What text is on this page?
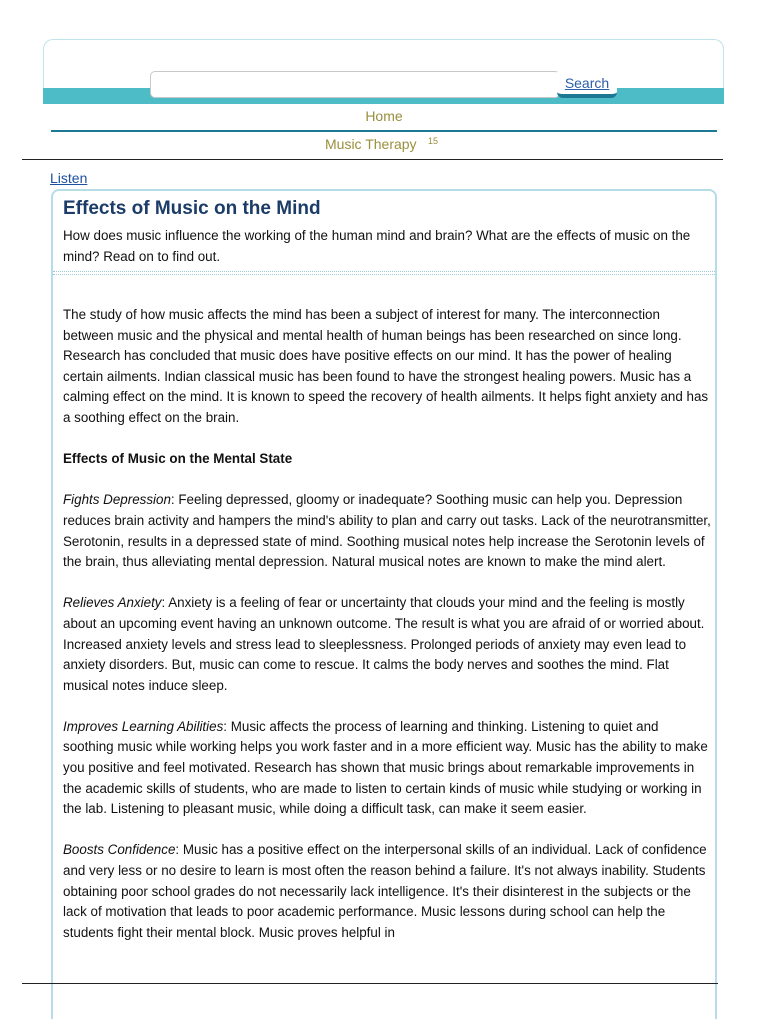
Search
Home
Music Therapy 15
Listen
Effects of Music on the Mind
How does music influence the working of the human mind and brain? What are the effects of music on the mind? Read on to find out.

The study of how music affects the mind has been a subject of interest for many. The interconnection between music and the physical and mental health of human beings has been researched on since long. Research has concluded that music does have positive effects on our mind. It has the power of healing certain ailments. Indian classical music has been found to have the strongest healing powers. Music has a calming effect on the mind. It is known to speed the recovery of health ailments. It helps fight anxiety and has a soothing effect on the brain.

Effects of Music on the Mental State

Fights Depression: Feeling depressed, gloomy or inadequate? Soothing music can help you. Depression reduces brain activity and hampers the mind's ability to plan and carry out tasks. Lack of the neurotransmitter, Serotonin, results in a depressed state of mind. Soothing musical notes help increase the Serotonin levels of the brain, thus alleviating mental depression. Natural musical notes are known to make the mind alert.

Relieves Anxiety: Anxiety is a feeling of fear or uncertainty that clouds your mind and the feeling is mostly about an upcoming event having an unknown outcome. The result is what you are afraid of or worried about. Increased anxiety levels and stress lead to sleeplessness. Prolonged periods of anxiety may even lead to anxiety disorders. But, music can come to rescue. It calms the body nerves and soothes the mind. Flat musical notes induce sleep.

Improves Learning Abilities: Music affects the process of learning and thinking. Listening to quiet and soothing music while working helps you work faster and in a more efficient way. Music has the ability to make you positive and feel motivated. Research has shown that music brings about remarkable improvements in the academic skills of students, who are made to listen to certain kinds of music while studying or working in the lab. Listening to pleasant music, while doing a difficult task, can make it seem easier.

Boosts Confidence: Music has a positive effect on the interpersonal skills of an individual. Lack of confidence and very less or no desire to learn is most often the reason behind a failure. It's not always inability. Students obtaining poor school grades do not necessarily lack intelligence. It's their disinterest in the subjects or the lack of motivation that leads to poor academic performance. Music lessons during school can help the students fight their mental block. Music proves helpful in
